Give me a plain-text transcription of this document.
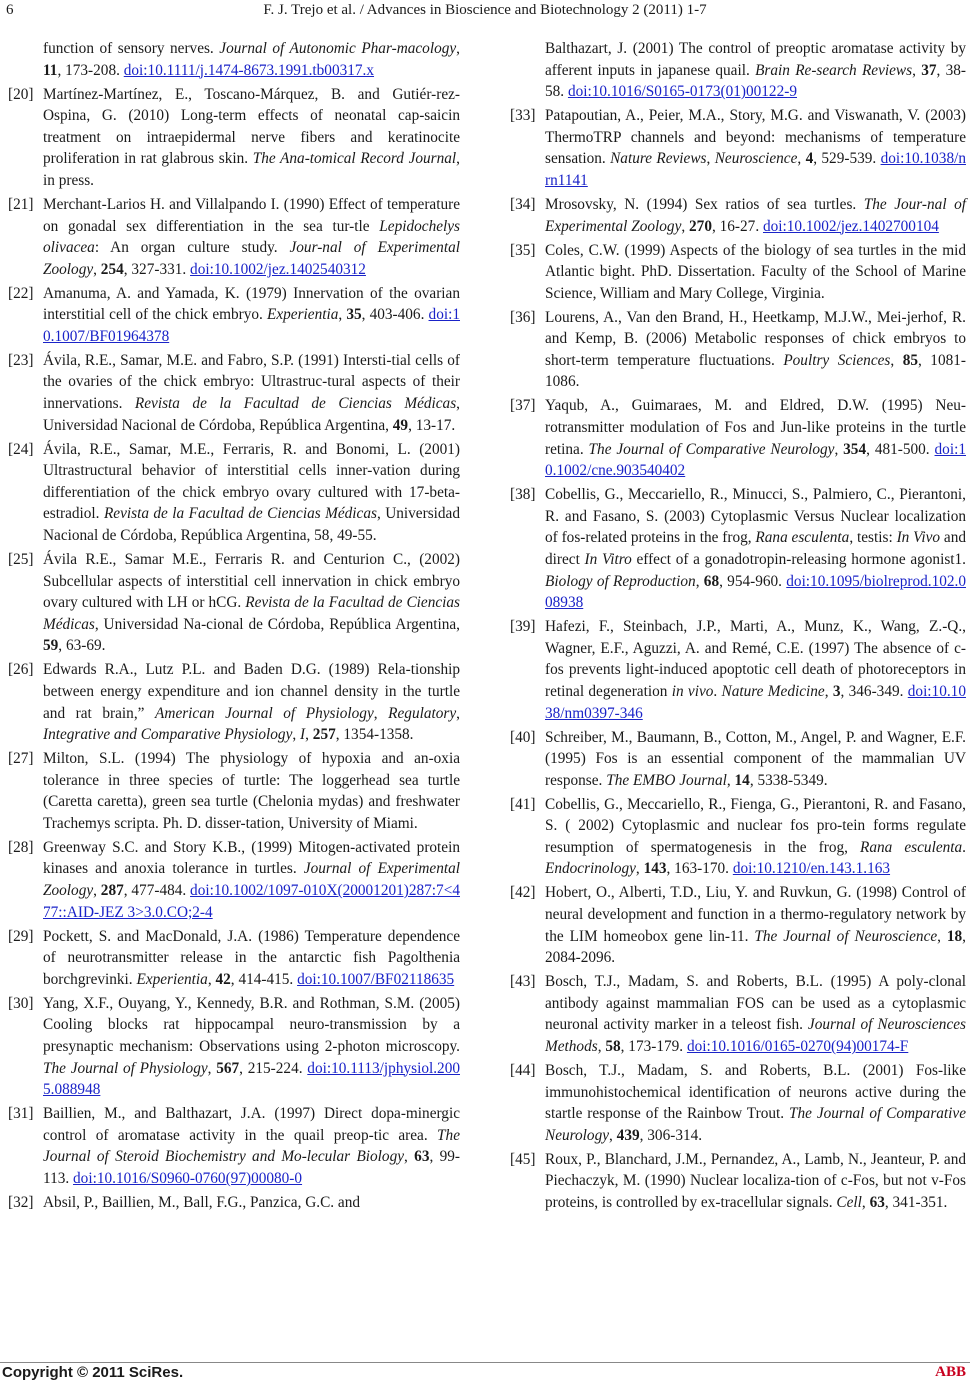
6	F. J. Trejo et al. / Advances in Bioscience and Biotechnology 2 (2011) 1-7
function of sensory nerves. Journal of Autonomic Phar-macology, 11, 173-208. doi:10.1111/j.1474-8673.1991.tb00317.x
[20] Martínez-Martínez, E., Toscano-Márquez, B. and Gutiér-rez-Ospina, G. (2010) Long-term effects of neonatal cap-saicin treatment on intraepidermal nerve fibers and keratinocite proliferation in rat glabrous skin. The Ana-tomical Record Journal, in press.
[21] Merchant-Larios H. and Villalpando I. (1990) Effect of temperature on gonadal sex differentiation in the sea tur-tle Lepidochelys olivacea: An organ culture study. Jour-nal of Experimental Zoology, 254, 327-331. doi:10.1002/jez.1402540312
[22] Amanuma, A. and Yamada, K. (1979) Innervation of the ovarian interstitial cell of the chick embryo. Experientia, 35, 403-406. doi:10.1007/BF01964378
[23] Ávila, R.E., Samar, M.E. and Fabro, S.P. (1991) Intersti-tial cells of the ovaries of the chick embryo: Ultrastruc-tural aspects of their innervations. Revista de la Facultad de Ciencias Médicas, Universidad Nacional de Córdoba, República Argentina, 49, 13-17.
[24] Ávila, R.E., Samar, M.E., Ferraris, R. and Bonomi, L. (2001) Ultrastructural behavior of interstitial cells inner-vation during differentiation of the chick embryo ovary cultured with 17-beta-estradiol. Revista de la Facultad de Ciencias Médicas, Universidad Nacional de Córdoba, República Argentina, 58, 49-55.
[25] Ávila R.E., Samar M.E., Ferraris R. and Centurion C., (2002) Subcellular aspects of interstitial cell innervation in chick embryo ovary cultured with LH or hCG. Revista de la Facultad de Ciencias Médicas, Universidad Na-cional de Córdoba, República Argentina, 59, 63-69.
[26] Edwards R.A., Lutz P.L. and Baden D.G. (1989) Rela-tionship between energy expenditure and ion channel density in the turtle and rat brain,” American Journal of Physiology, Regulatory, Integrative and Comparative Physiology, I, 257, 1354-1358.
[27] Milton, S.L. (1994) The physiology of hypoxia and an-oxia tolerance in three species of turtle: The loggerhead sea turtle (Caretta caretta), green sea turtle (Chelonia mydas) and freshwater Trachemys scripta. Ph. D. disser-tation, University of Miami.
[28] Greenway S.C. and Story K.B., (1999) Mitogen-activated protein kinases and anoxia tolerance in turtles. Journal of Experimental Zoology, 287, 477-484. doi:10.1002/1097-010X(20001201)287:7<477::AID-JEZ 3>3.0.CO;2-4
[29] Pockett, S. and MacDonald, J.A. (1986) Temperature dependence of neurotransmitter release in the antarctic fish Pagolthenia borchgrevinki. Experientia, 42, 414-415. doi:10.1007/BF02118635
[30] Yang, X.F., Ouyang, Y., Kennedy, B.R. and Rothman, S.M. (2005) Cooling blocks rat hippocampal neuro-transmission by a presynaptic mechanism: Observations using 2-photon microscopy. The Journal of Physiology, 567, 215-224. doi:10.1113/jphysiol.2005.088948
[31] Baillien, M., and Balthazart, J.A. (1997) Direct dopa-minergic control of aromatase activity in the quail preop-tic area. The Journal of Steroid Biochemistry and Mo-lecular Biology, 63, 99-113. doi:10.1016/S0960-0760(97)00080-0
[32] Absil, P., Baillien, M., Ball, F.G., Panzica, G.C. and
Balthazart, J. (2001) The control of preoptic aromatase activity by afferent inputs in japanese quail. Brain Re-search Reviews, 37, 38-58. doi:10.1016/S0165-0173(01)00122-9
[33] Patapoutian, A., Peier, M.A., Story, M.G. and Viswanath, V. (2003) ThermoTRP channels and beyond: mechanisms of temperature sensation. Nature Reviews, Neuroscience, 4, 529-539. doi:10.1038/nrn1141
[34] Mrosovsky, N. (1994) Sex ratios of sea turtles. The Jour-nal of Experimental Zoology, 270, 16-27. doi:10.1002/jez.1402700104
[35] Coles, C.W. (1999) Aspects of the biology of sea turtles in the mid Atlantic bight. PhD. Dissertation. Faculty of the School of Marine Science, William and Mary College, Virginia.
[36] Lourens, A., Van den Brand, H., Heetkamp, M.J.W., Mei-jerhof, R. and Kemp, B. (2006) Metabolic responses of chick embryos to short-term temperature fluctuations. Poultry Sciences, 85, 1081-1086.
[37] Yaqub, A., Guimaraes, M. and Eldred, D.W. (1995) Neu-rotransmitter modulation of Fos and Jun-like proteins in the turtle retina. The Journal of Comparative Neurology, 354, 481-500. doi:10.1002/cne.903540402
[38] Cobellis, G., Meccariello, R., Minucci, S., Palmiero, C., Pierantoni, R. and Fasano, S. (2003) Cytoplasmic Versus Nuclear localization of fos-related proteins in the frog, Rana esculenta, testis: In Vivo and direct In Vitro effect of a gonadotropin-releasing hormone agonist1. Biology of Reproduction, 68, 954-960. doi:10.1095/biolreprod.102.008938
[39] Hafezi, F., Steinbach, J.P., Marti, A., Munz, K., Wang, Z.-Q., Wagner, E.F., Aguzzi, A. and Remé, C.E. (1997) The absence of c-fos prevents light-induced apoptotic cell death of photoreceptors in retinal degeneration in vivo. Nature Medicine, 3, 346-349. doi:10.1038/nm0397-346
[40] Schreiber, M., Baumann, B., Cotton, M., Angel, P. and Wagner, E.F. (1995) Fos is an essential component of the mammalian UV response. The EMBO Journal, 14, 5338-5349.
[41] Cobellis, G., Meccariello, R., Fienga, G., Pierantoni, R. and Fasano, S. ( 2002) Cytoplasmic and nuclear fos pro-tein forms regulate resumption of spermatogenesis in the frog, Rana esculenta. Endocrinology, 143, 163-170. doi:10.1210/en.143.1.163
[42] Hobert, O., Alberti, T.D., Liu, Y. and Ruvkun, G. (1998) Control of neural development and function in a thermo-regulatory network by the LIM homeobox gene lin-11. The Journal of Neuroscience, 18, 2084-2096.
[43] Bosch, T.J., Madam, S. and Roberts, B.L. (1995) A poly-clonal antibody against mammalian FOS can be used as a cytoplasmic neuronal activity marker in a teleost fish. Journal of Neurosciences Methods, 58, 173-179. doi:10.1016/0165-0270(94)00174-F
[44] Bosch, T.J., Madam, S. and Roberts, B.L. (2001) Fos-like immunohistochemical identification of neurons active during the startle response of the Rainbow Trout. The Journal of Comparative Neurology, 439, 306-314.
[45] Roux, P., Blanchard, J.M., Pernandez, A., Lamb, N., Jeanteur, P. and Piechaczyk, M. (1990) Nuclear localiza-tion of c-Fos, but not v-Fos proteins, is controlled by ex-tracellular signals. Cell, 63, 341-351.
Copyright © 2011 SciRes.	ABB
